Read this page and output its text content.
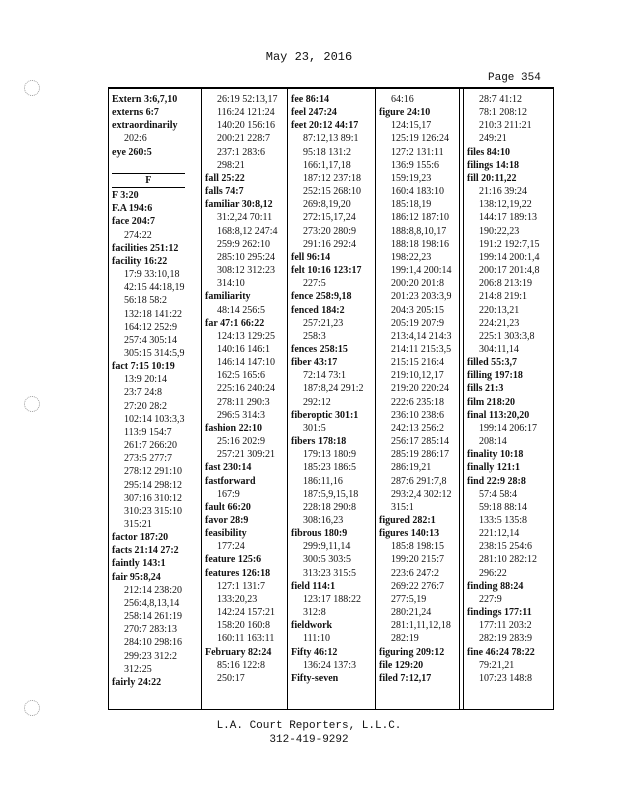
May 23, 2016
Page 354
Extern 3:6,7,10
externs 6:7
extraordinarily
202:6
eye 260:5

F
F 3:20
F.A 194:6
face 204:7
274:22
facilities 251:12
facility 16:22
17:9 33:10,18
42:15 44:18,19
56:18 58:2
132:18 141:22
164:12 252:9
257:4 305:14
305:15 314:5,9
fact 7:15 10:19
13:9 20:14
23:7 24:8
27:20 28:2
102:14 103:3,3
113:9 154:7
261:7 266:20
273:5 277:7
278:12 291:10
295:14 298:12
307:16 310:12
310:23 315:10
315:21
factor 187:20
facts 21:14 27:2
faintly 143:1
fair 95:8,24
212:14 238:20
256:4,8,13,14
258:14 261:19
270:7 283:13
284:10 298:16
299:23 312:2
312:25
fairly 24:22
26:19 52:13,17
116:24 121:24
140:20 156:16
200:21 228:7
237:1 283:6
298:21
fall 25:22
falls 74:7
familiar 30:8,12
31:2,24 70:11
168:8,12 247:4
259:9 262:10
285:10 295:24
308:12 312:23
314:10
familiarity
48:14 256:5
far 47:1 66:22
124:13 129:25
140:16 146:1
146:14 147:10
162:5 165:6
225:16 240:24
278:11 290:3
296:5 314:3
fashion 22:10
25:16 202:9
257:21 309:21
fast 230:14
fastforward
167:9
fault 66:20
favor 28:9
feasibility
177:24
feature 125:6
features 126:18
127:1 131:7
133:20,23
142:24 157:21
158:20 160:8
160:11 163:11
February 82:24
85:16 122:8
250:17
fee 86:14
feel 247:24
feet 20:12 44:17
87:12,13 89:1
95:18 131:2
166:1,17,18
187:12 237:18
252:15 268:10
269:8,19,20
272:15,17,24
273:20 280:9
291:16 292:4
fell 96:14
felt 10:16 123:17
227:5
fence 258:9,18
fenced 184:2
257:21,23
258:3
fences 258:15
fiber 43:17
72:14 73:1
187:8,24 291:2
292:12
fiberoptic 301:1
301:5
fibers 178:18
179:13 180:9
185:23 186:5
186:11,16
187:5,9,15,18
228:18 290:8
308:16,23
fibrous 180:9
299:9,11,14
300:5 303:5
313:23 315:5
field 114:1
123:17 188:22
312:8
fieldwork
111:10
Fifty 46:12
136:24 137:3
Fifty-seven
64:16
figure 24:10
124:15,17
125:19 126:24
127:2 131:11
136:9 155:6
159:19,23
160:4 183:10
185:18,19
186:12 187:10
188:8,8,10,17
188:18 198:16
198:22,23
199:1,4 200:14
200:20 201:8
201:23 203:3,9
204:3 205:15
205:19 207:9
213:4,14 214:3
214:11 215:3,5
215:15 216:4
219:10,12,17
219:20 220:24
222:6 235:18
236:10 238:6
242:13 256:2
256:17 285:14
285:19 286:17
286:19,21
287:6 291:7,8
293:2,4 302:12
315:1
figured 282:1
figures 140:13
185:8 198:15
199:20 215:7
223:6 247:2
269:22 276:7
277:5,19
280:21,24
281:1,11,12,18
282:19
figuring 209:12
file 129:20
filed 7:12,17
28:7 41:12
78:1 208:12
210:3 211:21
249:21
files 84:10
filings 14:18
fill 20:11,22
21:16 39:24
138:12,19,22
144:17 189:13
190:22,23
191:2 192:7,15
199:14 200:1,4
200:17 201:4,8
206:8 213:19
214:8 219:1
220:13,21
224:21,23
225:1 303:3,8
304:11,14
filled 55:3,7
filling 197:18
fills 21:3
film 218:20
final 113:20,20
199:14 206:17
208:14
finality 10:18
finally 121:1
find 22:9 28:8
57:4 58:4
59:18 88:14
133:5 135:8
221:12,14
238:15 254:6
281:10 282:12
296:22
finding 88:24
227:9
findings 177:11
177:11 203:2
282:19 283:9
fine 46:24 78:22
79:21,21
107:23 148:8
L.A. Court Reporters, L.L.C.
312-419-9292
